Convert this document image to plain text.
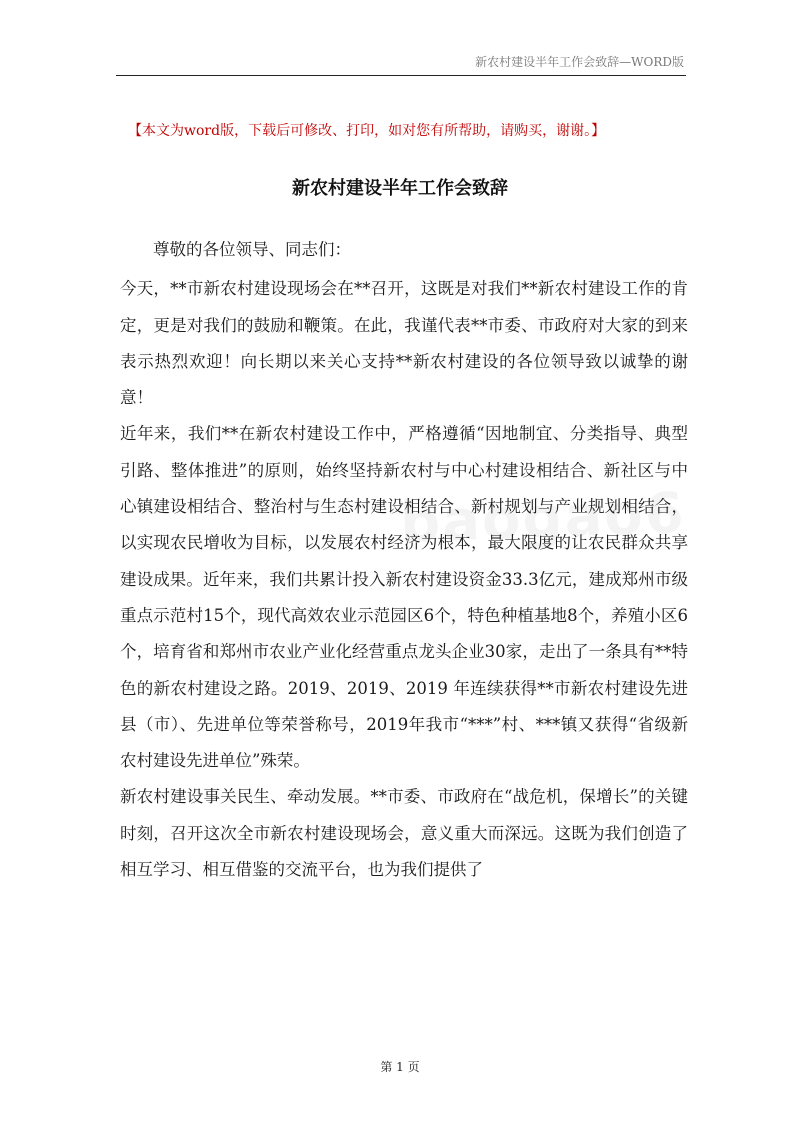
新农村建设半年工作会致辞—WORD版
【本文为word版，下载后可修改、打印，如对您有所帮助，请购买，谢谢。】
新农村建设半年工作会致辞

尊敬的各位领导、同志们：

今天，**市新农村建设现场会在**召开，这既是对我们**新农村建设工作的肯定，更是对我们的鼓励和鞭策。在此，我谨代表**市委、市政府对大家的到来表示热烈欢迎！向长期以来关心支持**新农村建设的各位领导致以诚挚的谢意！

近年来，我们**在新农村建设工作中，严格遵循“因地制宜、分类指导、典型引路、整体推进”的原则，始终坚持新农村与中心村建设相结合、新社区与中心镇建设相结合、整治村与生态村建设相结合、新村规划与产业规划相结合，以实现农民增收为目标，以发展农村经济为根本，最大限度的让农民群众共享建设成果。近年来，我们共累计投入新农村建设资金33.3亿元，建成郑州市级重点示范村15个，现代高效农业示范园区6个，特色种植基地8个，养殖小区6个，培育省和郑州市农业产业化经营重点龙头企业30家，走出了一条具有**特色的新农村建设之路。2019、2019、2019 年连续获得**市新农村建设先进县（市）、先进单位等荣誉称号，2019年我市“***”村、***镇又获得“省级新农村建设先进单位”殊荣。

新农村建设事关民生、牵动发展。**市委、市政府在“战危机，保增长”的关键时刻，召开这次全市新农村建设现场会，意义重大而深远。这既为我们创造了相互学习、相互借鉴的交流平台，也为我们提供了

第 1 页
